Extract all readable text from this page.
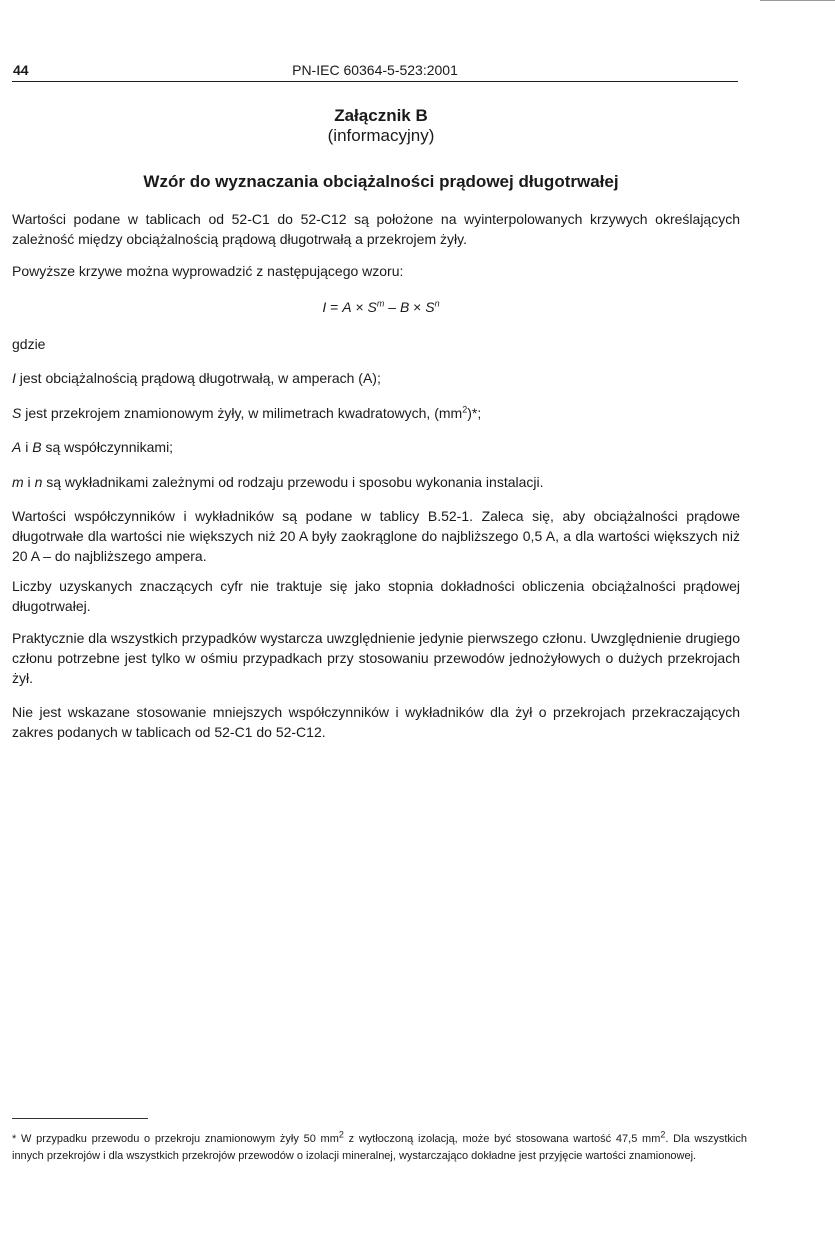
44	PN-IEC 60364-5-523:2001
Załącznik B
(informacyjny)
Wzór do wyznaczania obciążalności prądowej długotrwałej
Wartości podane w tablicach od 52-C1 do 52-C12 są położone na wyinterpolowanych krzywych określających zależność między obciążalnością prądową długotrwałą a przekrojem żyły.
Powyższe krzywe można wyprowadzić z następującego wzoru:
$I = A \times S^m - B \times S^n$
gdzie
I jest obciążalnością prądową długotrwałą, w amperach (A);
S jest przekrojem znamionowym żyły, w milimetrach kwadratowych, $(mm^2)*$;
A i B są współczynnikami;
m i n są wykładnikami zależnymi od rodzaju przewodu i sposobu wykonania instalacji.
Wartości współczynników i wykładników są podane w tablicy B.52-1. Zaleca się, aby obciążalności prądowe długotrwałe dla wartości nie większych niż 20 A były zaokrąglone do najbliższego 0,5 A, a dla wartości większych niż 20 A – do najbliższego ampera.
Liczby uzyskanych znaczących cyfr nie traktuje się jako stopnia dokładności obliczenia obciążalności prądowej długotrwałej.
Praktycznie dla wszystkich przypadków wystarcza uwzględnienie jedynie pierwszego członu. Uwzględnienie drugiego członu potrzebne jest tylko w ośmiu przypadkach przy stosowaniu przewodów jednożyłowych o dużych przekrojach żył.
Nie jest wskazane stosowanie mniejszych współczynników i wykładników dla żył o przekrojach przekraczających zakres podanych w tablicach od 52-C1 do 52-C12.
* W przypadku przewodu o przekroju znamionowym żyły 50 $mm^2$ z wytłoczoną izolacją, może być stosowana wartość 47,5 $mm^2$. Dla wszystkich innych przekrojów i dla wszystkich przekrojów przewodów o izolacji mineralnej, wystarczająco dokładne jest przyjęcie wartości znamionowej.
